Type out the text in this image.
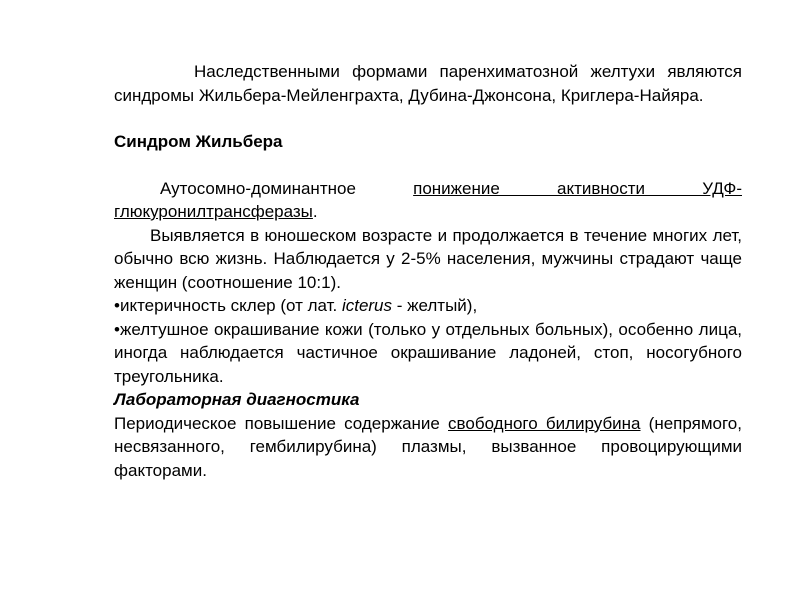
Наследственными формами паренхиматозной желтухи являются синдромы Жильбера-Мейленграхта, Дубина-Джонсона, Криглера-Найяра.

Синдром Жильбера

Аутосомно-доминантное понижение активности УДФ-глюкуронилтрансферазы.

Выявляется в юношеском возрасте и продолжается в течение многих лет, обычно всю жизнь. Наблюдается у 2-5% населения, мужчины страдают чаще женщин (соотношение 10:1).

•иктеричность склер (от лат. icterus - желтый),

•желтушное окрашивание кожи (только у отдельных больных), особенно лица, иногда наблюдается частичное окрашивание ладоней, стоп, носогубного треугольника.

Лабораторная диагностика

Периодическое повышение содержание свободного билирубина (непрямого, несвязанного, гембилирубина) плазмы, вызванное провоцирующими факторами.
